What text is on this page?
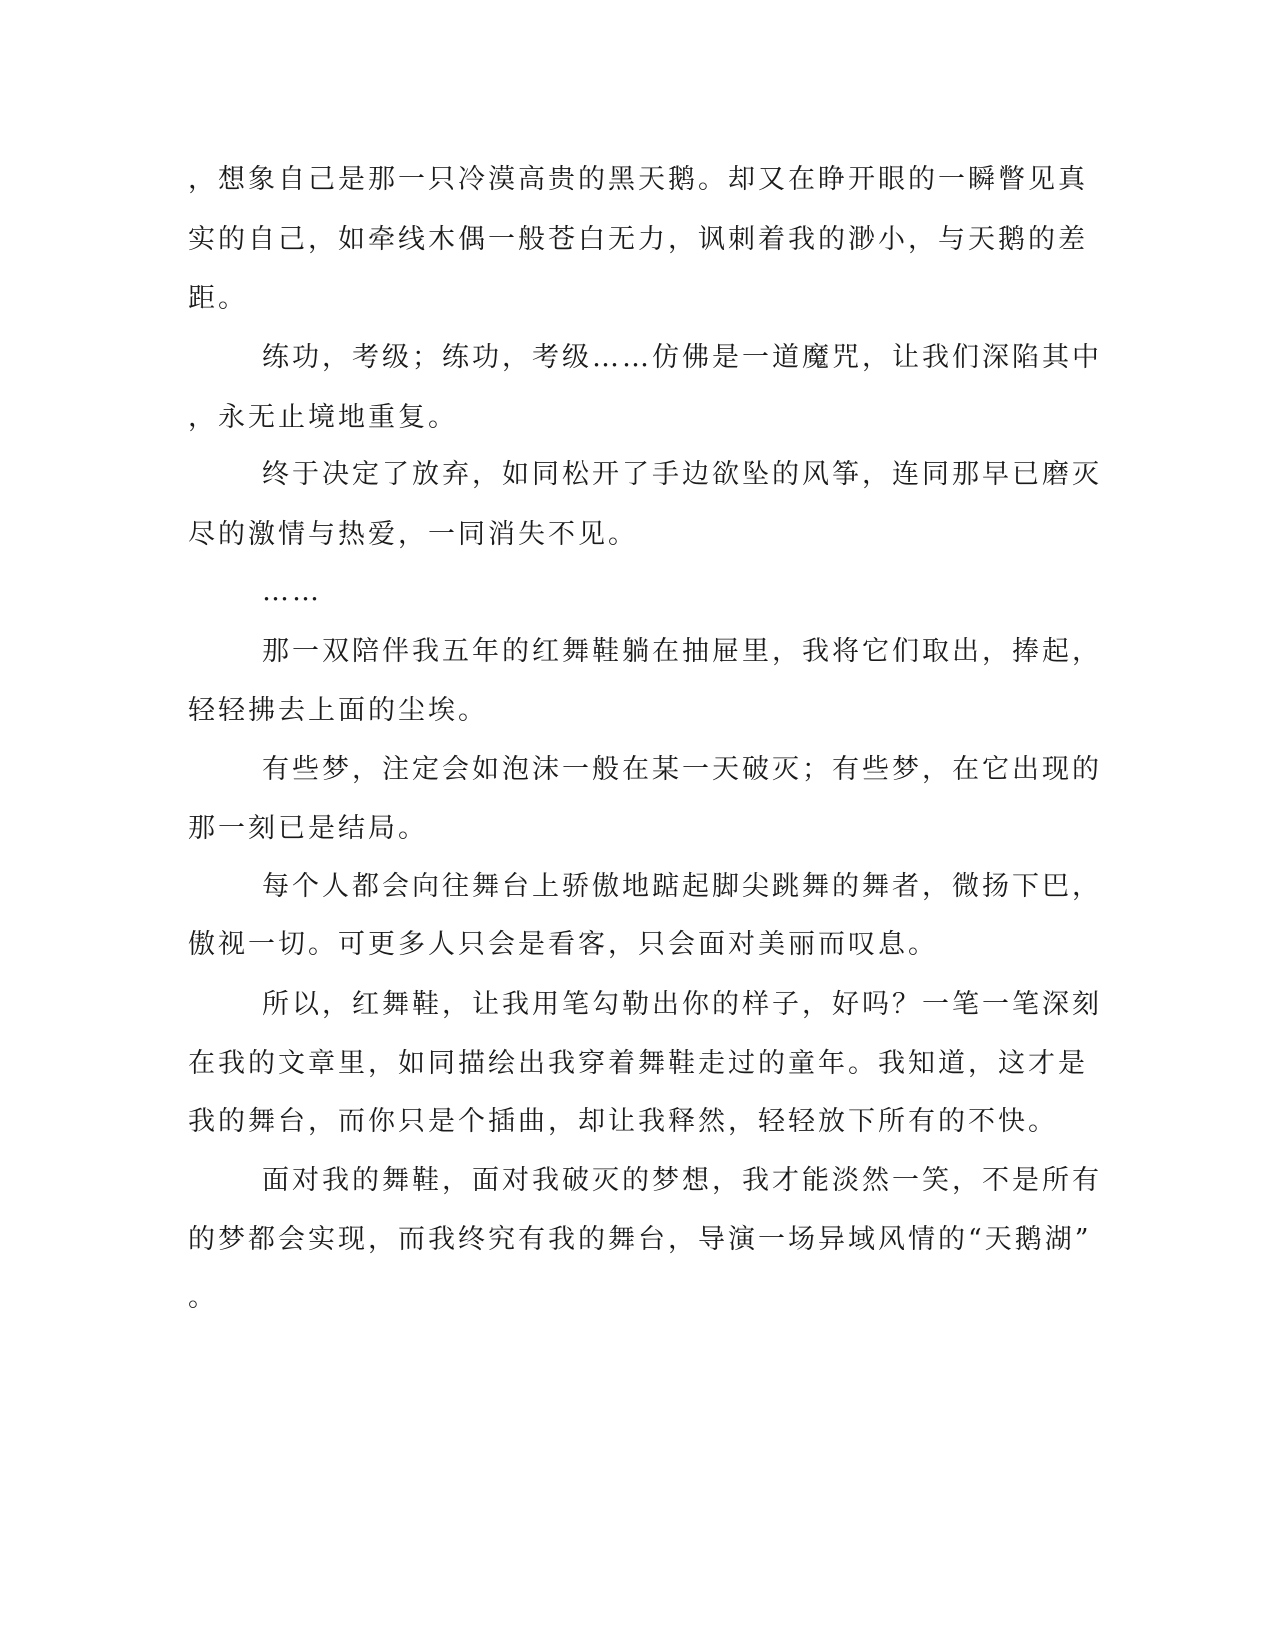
，想象自己是那一只冷漠高贵的黑天鹅。却又在睁开眼的一瞬瞥见真
实的自己，如牵线木偶一般苍白无力，讽刺着我的渺小，与天鹅的差
距。
练功，考级；练功，考级……仿佛是一道魔咒，让我们深陷其中
，永无止境地重复。
终于决定了放弃，如同松开了手边欲坠的风筝，连同那早已磨灭
尽的激情与热爱，一同消失不见。
……
那一双陪伴我五年的红舞鞋躺在抽屉里，我将它们取出，捧起，
轻轻拂去上面的尘埃。
有些梦，注定会如泡沫一般在某一天破灭；有些梦，在它出现的
那一刻已是结局。
每个人都会向往舞台上骄傲地踮起脚尖跳舞的舞者，微扬下巴，
傲视一切。可更多人只会是看客，只会面对美丽而叹息。
所以，红舞鞋，让我用笔勾勒出你的样子，好吗？一笔一笔深刻
在我的文章里，如同描绘出我穿着舞鞋走过的童年。我知道，这才是
我的舞台，而你只是个插曲，却让我释然，轻轻放下所有的不快。
面对我的舞鞋，面对我破灭的梦想，我才能淡然一笑，不是所有
的梦都会实现，而我终究有我的舞台，导演一场异域风情的“天鹅湖”
。
